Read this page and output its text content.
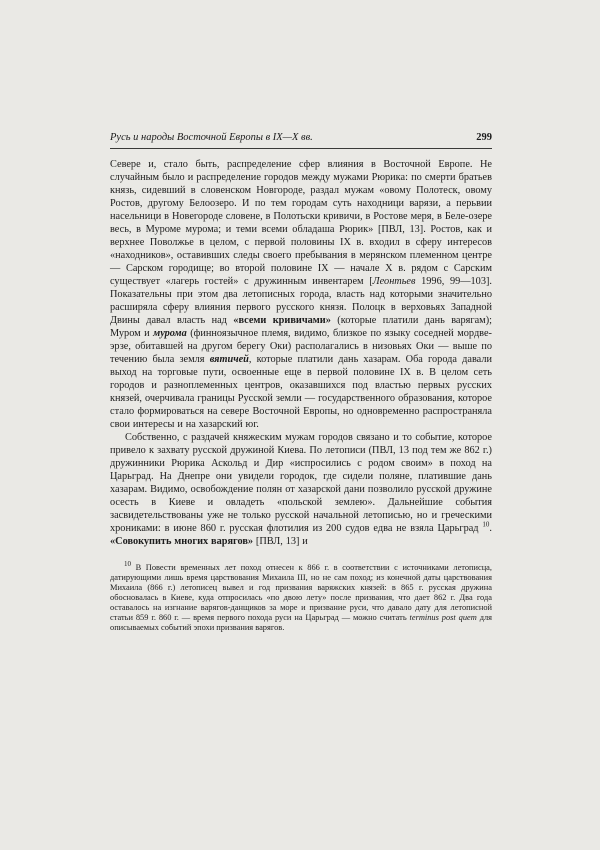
Русь и народы Восточной Европы в IX—X вв.	299

Севере и, стало быть, распределение сфер влияния в Восточной Европе. Не случайным было и распределение городов между мужами Рюрика: по смерти братьев князь, сидевший в словенском Новгороде, раздал мужам «овому Полотеск, овому Ростов, другому Белоозеро. И по тем городам суть находници варязи, а перьвии насельници в Новегороде словене, в Полотьски кривичи, в Ростове меря, в Беле-озере весь, в Муроме мурома; и теми всеми обладаша Рюрик» [ПВЛ, 13]. Ростов, как и верхнее Поволжье в целом, с первой половины IX в. входил в сферу интересов «находников», оставивших следы своего пребывания в мерянском племенном центре — Сарском городище; во второй половине IX — начале X в. рядом с Сарским существует «лагерь гостей» с дружинным инвентарем [Леонтьев 1996, 99—103]. Показательны при этом два летописных города, власть над которыми значительно расширяла сферу влияния первого русского князя. Полоцк в верховьях Западной Двины давал власть над «всеми кривичами» (которые платили дань варягам); Муром и мурома (финноязычное племя, видимо, близкое по языку соседней мордве-эрзе, обитавшей на другом берегу Оки) располагались в низовьях Оки — выше по течению была земля вятичей, которые платили дань хазарам. Оба города давали выход на торговые пути, освоенные еще в первой половине IX в. В целом сеть городов и разноплеменных центров, оказавшихся под властью первых русских князей, очерчивала границы Русской земли — государственного образования, которое стало формироваться на севере Восточной Европы, но одновременно распространяла свои интересы и на хазарский юг.

Собственно, с раздачей княжеским мужам городов связано и то событие, которое привело к захвату русской дружиной Киева. По летописи (ПВЛ, 13 под тем же 862 г.) дружинники Рюрика Аскольд и Дир «испросились с родом своим» в поход на Царьград. На Днепре они увидели городок, где сидели поляне, платившие дань хазарам. Видимо, освобождение полян от хазарской дани позволило русской дружине осесть в Киеве и овладеть «польской землею». Дальнейшие события засвидетельствованы уже не только русской начальной летописью, но и греческими хрониками: в июне 860 г. русская флотилия из 200 судов едва не взяла Царьград $^{10}$. «Совокупить многих варягов» [ПВЛ, 13] и

$^{10}$ В Повести временных лет поход отнесен к 866 г. в соответствии с источниками летописца, датирующими лишь время царствования Михаила III, но не сам поход; из конечной даты царствования Михаила (866 г.) летописец вывел и год призвания варяжских князей: в 865 г. русская дружина обосновалась в Киеве, куда отпросилась «по двою лету» после призвания, что дает 862 г. Два года оставалось на изгнание варягов-данщиков за море и призвание руси, что давало дату для летописной статьи 859 г. 860 г. — время первого похода руси на Царьград — можно считать terminus post quem для описываемых событий эпохи призвания варягов.
